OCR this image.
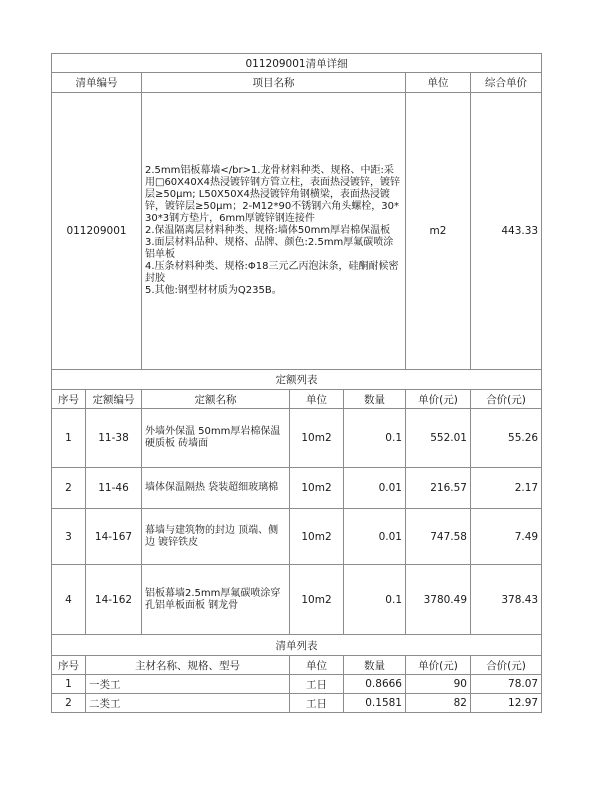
011209001清单详细						
清单编号		项目名称			单位	综合单价
011209001		2.5mm铝板幕墙</br>1.龙骨材料种类、规格、中距:采用□60X40X4热浸镀锌钢方管立柱，表面热浸镀锌，镀锌层≥50μm; L50X50X4热浸镀锌角钢横梁，表面热浸镀锌，镀锌层≥50μm；2-M12*90不锈钢六角头螺栓，30*30*3钢方垫片，6mm厚镀锌钢连接件
2.保温隔离层材料种类、规格:墙体50mm厚岩棉保温板
3.面层材料品种、规格、品牌、颜色:2.5mm厚氟碳喷涂铝单板
4.压条材料种类、规格:Φ18三元乙丙泡沫条，硅酮耐候密封胶
5.其他:钢型材材质为Q235B。			m2	443.33
定额列表						
序号	定额编号	定额名称	单位	数量	单价(元)	合价(元)
1	11-38	外墙外保温 50mm厚岩棉保温硬质板 砖墙面	10m2	0.1	552.01	55.26
2	11-46	墙体保温隔热 袋装超细玻璃棉	10m2	0.01	216.57	2.17
3	14-167	幕墙与建筑物的封边 顶端、侧边 镀锌铁皮	10m2	0.01	747.58	7.49
4	14-162	铝板幕墙2.5mm厚氟碳喷涂穿孔铝单板面板 钢龙骨	10m2	0.1	3780.49	378.43
清单列表						
序号	主材名称、规格、型号		单位	数量	单价(元)	合价(元)
1	一类工		工日	0.8666	90	78.07
2	二类工		工日	0.1581	82	12.97
